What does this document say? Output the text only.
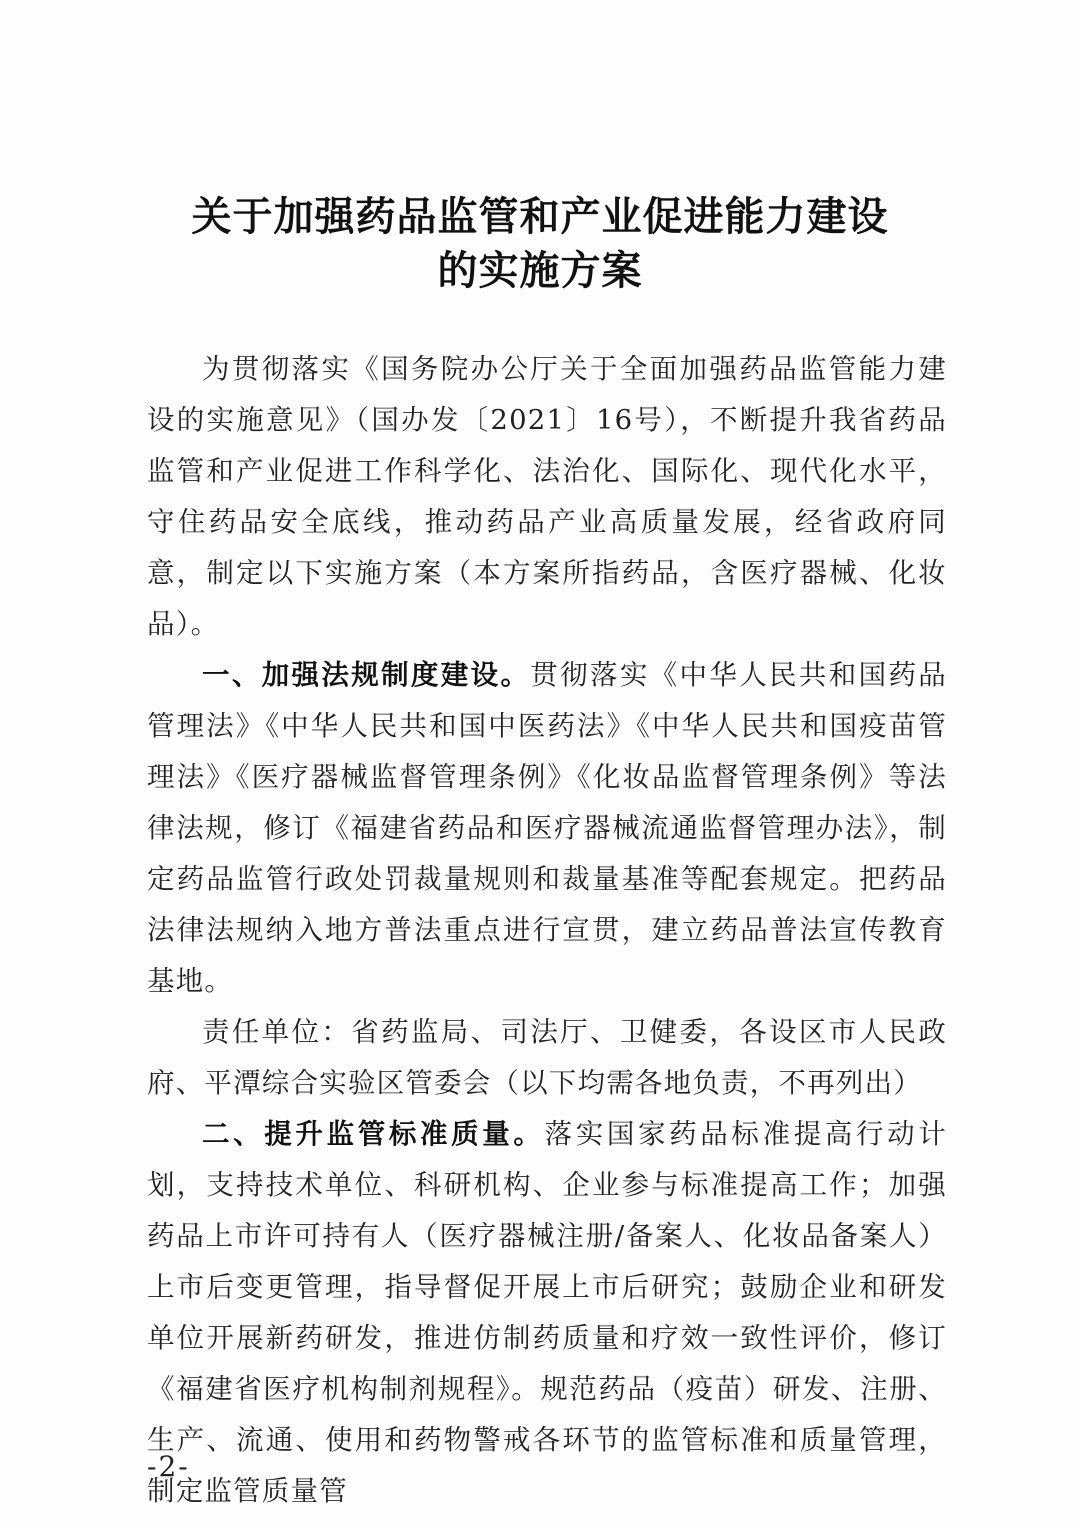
关于加强药品监管和产业促进能力建设
的实施方案

为贯彻落实《国务院办公厅关于全面加强药品监管能力建设的实施意见》（国办发〔2021〕16号），不断提升我省药品监管和产业促进工作科学化、法治化、国际化、现代化水平，守住药品安全底线，推动药品产业高质量发展，经省政府同意，制定以下实施方案（本方案所指药品，含医疗器械、化妆品）。

一、加强法规制度建设。贯彻落实《中华人民共和国药品管理法》《中华人民共和国中医药法》《中华人民共和国疫苗管理法》《医疗器械监督管理条例》《化妆品监督管理条例》等法律法规，修订《福建省药品和医疗器械流通监督管理办法》，制定药品监管行政处罚裁量规则和裁量基准等配套规定。把药品法律法规纳入地方普法重点进行宣贯，建立药品普法宣传教育基地。

责任单位：省药监局、司法厅、卫健委，各设区市人民政府、平潭综合实验区管委会（以下均需各地负责，不再列出）

二、提升监管标准质量。落实国家药品标准提高行动计划，支持技术单位、科研机构、企业参与标准提高工作；加强药品上市许可持有人（医疗器械注册/备案人、化妆品备案人）上市后变更管理，指导督促开展上市后研究；鼓励企业和研发单位开展新药研发，推进仿制药质量和疗效一致性评价，修订《福建省医疗机构制剂规程》。规范药品（疫苗）研发、注册、生产、流通、使用和药物警戒各环节的监管标准和质量管理，制定监管质量管

-2-
